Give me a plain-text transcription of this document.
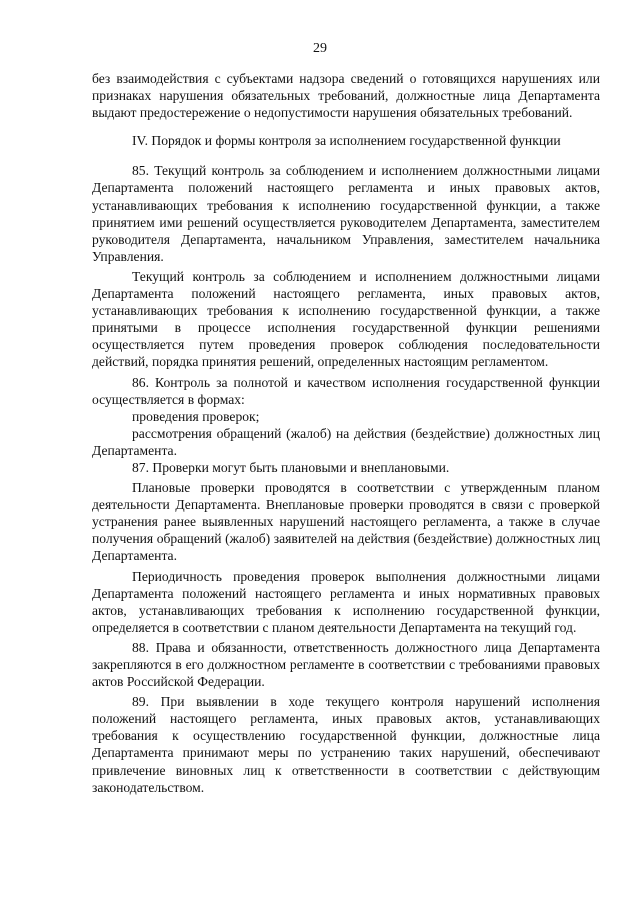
29

без взаимодействия с субъектами надзора сведений о готовящихся нарушениях или признаках нарушения обязательных требований, должностные лица Департамента выдают предостережение о недопустимости нарушения обязательных требований.

IV. Порядок и формы контроля за исполнением государственной функции

85. Текущий контроль за соблюдением и исполнением должностными лицами Департамента положений настоящего регламента и иных правовых актов, устанавливающих требования к исполнению государственной функции, а также принятием ими решений осуществляется руководителем Департамента, заместителем руководителя Департамента, начальником Управления, заместителем начальника Управления.

Текущий контроль за соблюдением и исполнением должностными лицами Департамента положений настоящего регламента, иных правовых актов, устанавливающих требования к исполнению государственной функции, а также принятыми в процессе исполнения государственной функции решениями осуществляется путем проведения проверок соблюдения последовательности действий, порядка принятия решений, определенных настоящим регламентом.

86. Контроль за полнотой и качеством исполнения государственной функции осуществляется в формах:

проведения проверок;

рассмотрения обращений (жалоб) на действия (бездействие) должностных лиц Департамента.

87. Проверки могут быть плановыми и внеплановыми.

Плановые проверки проводятся в соответствии с утвержденным планом деятельности Департамента. Внеплановые проверки проводятся в связи с проверкой устранения ранее выявленных нарушений настоящего регламента, а также в случае получения обращений (жалоб) заявителей на действия (бездействие) должностных лиц Департамента.

Периодичность проведения проверок выполнения должностными лицами Департамента положений настоящего регламента и иных нормативных правовых актов, устанавливающих требования к исполнению государственной функции, определяется в соответствии с планом деятельности Департамента на текущий год.

88. Права и обязанности, ответственность должностного лица Департамента закрепляются в его должностном регламенте в соответствии с требованиями правовых актов Российской Федерации.

89. При выявлении в ходе текущего контроля нарушений исполнения положений настоящего регламента, иных правовых актов, устанавливающих требования к осуществлению государственной функции, должностные лица Департамента принимают меры по устранению таких нарушений, обеспечивают привлечение виновных лиц к ответственности в соответствии с действующим законодательством.
